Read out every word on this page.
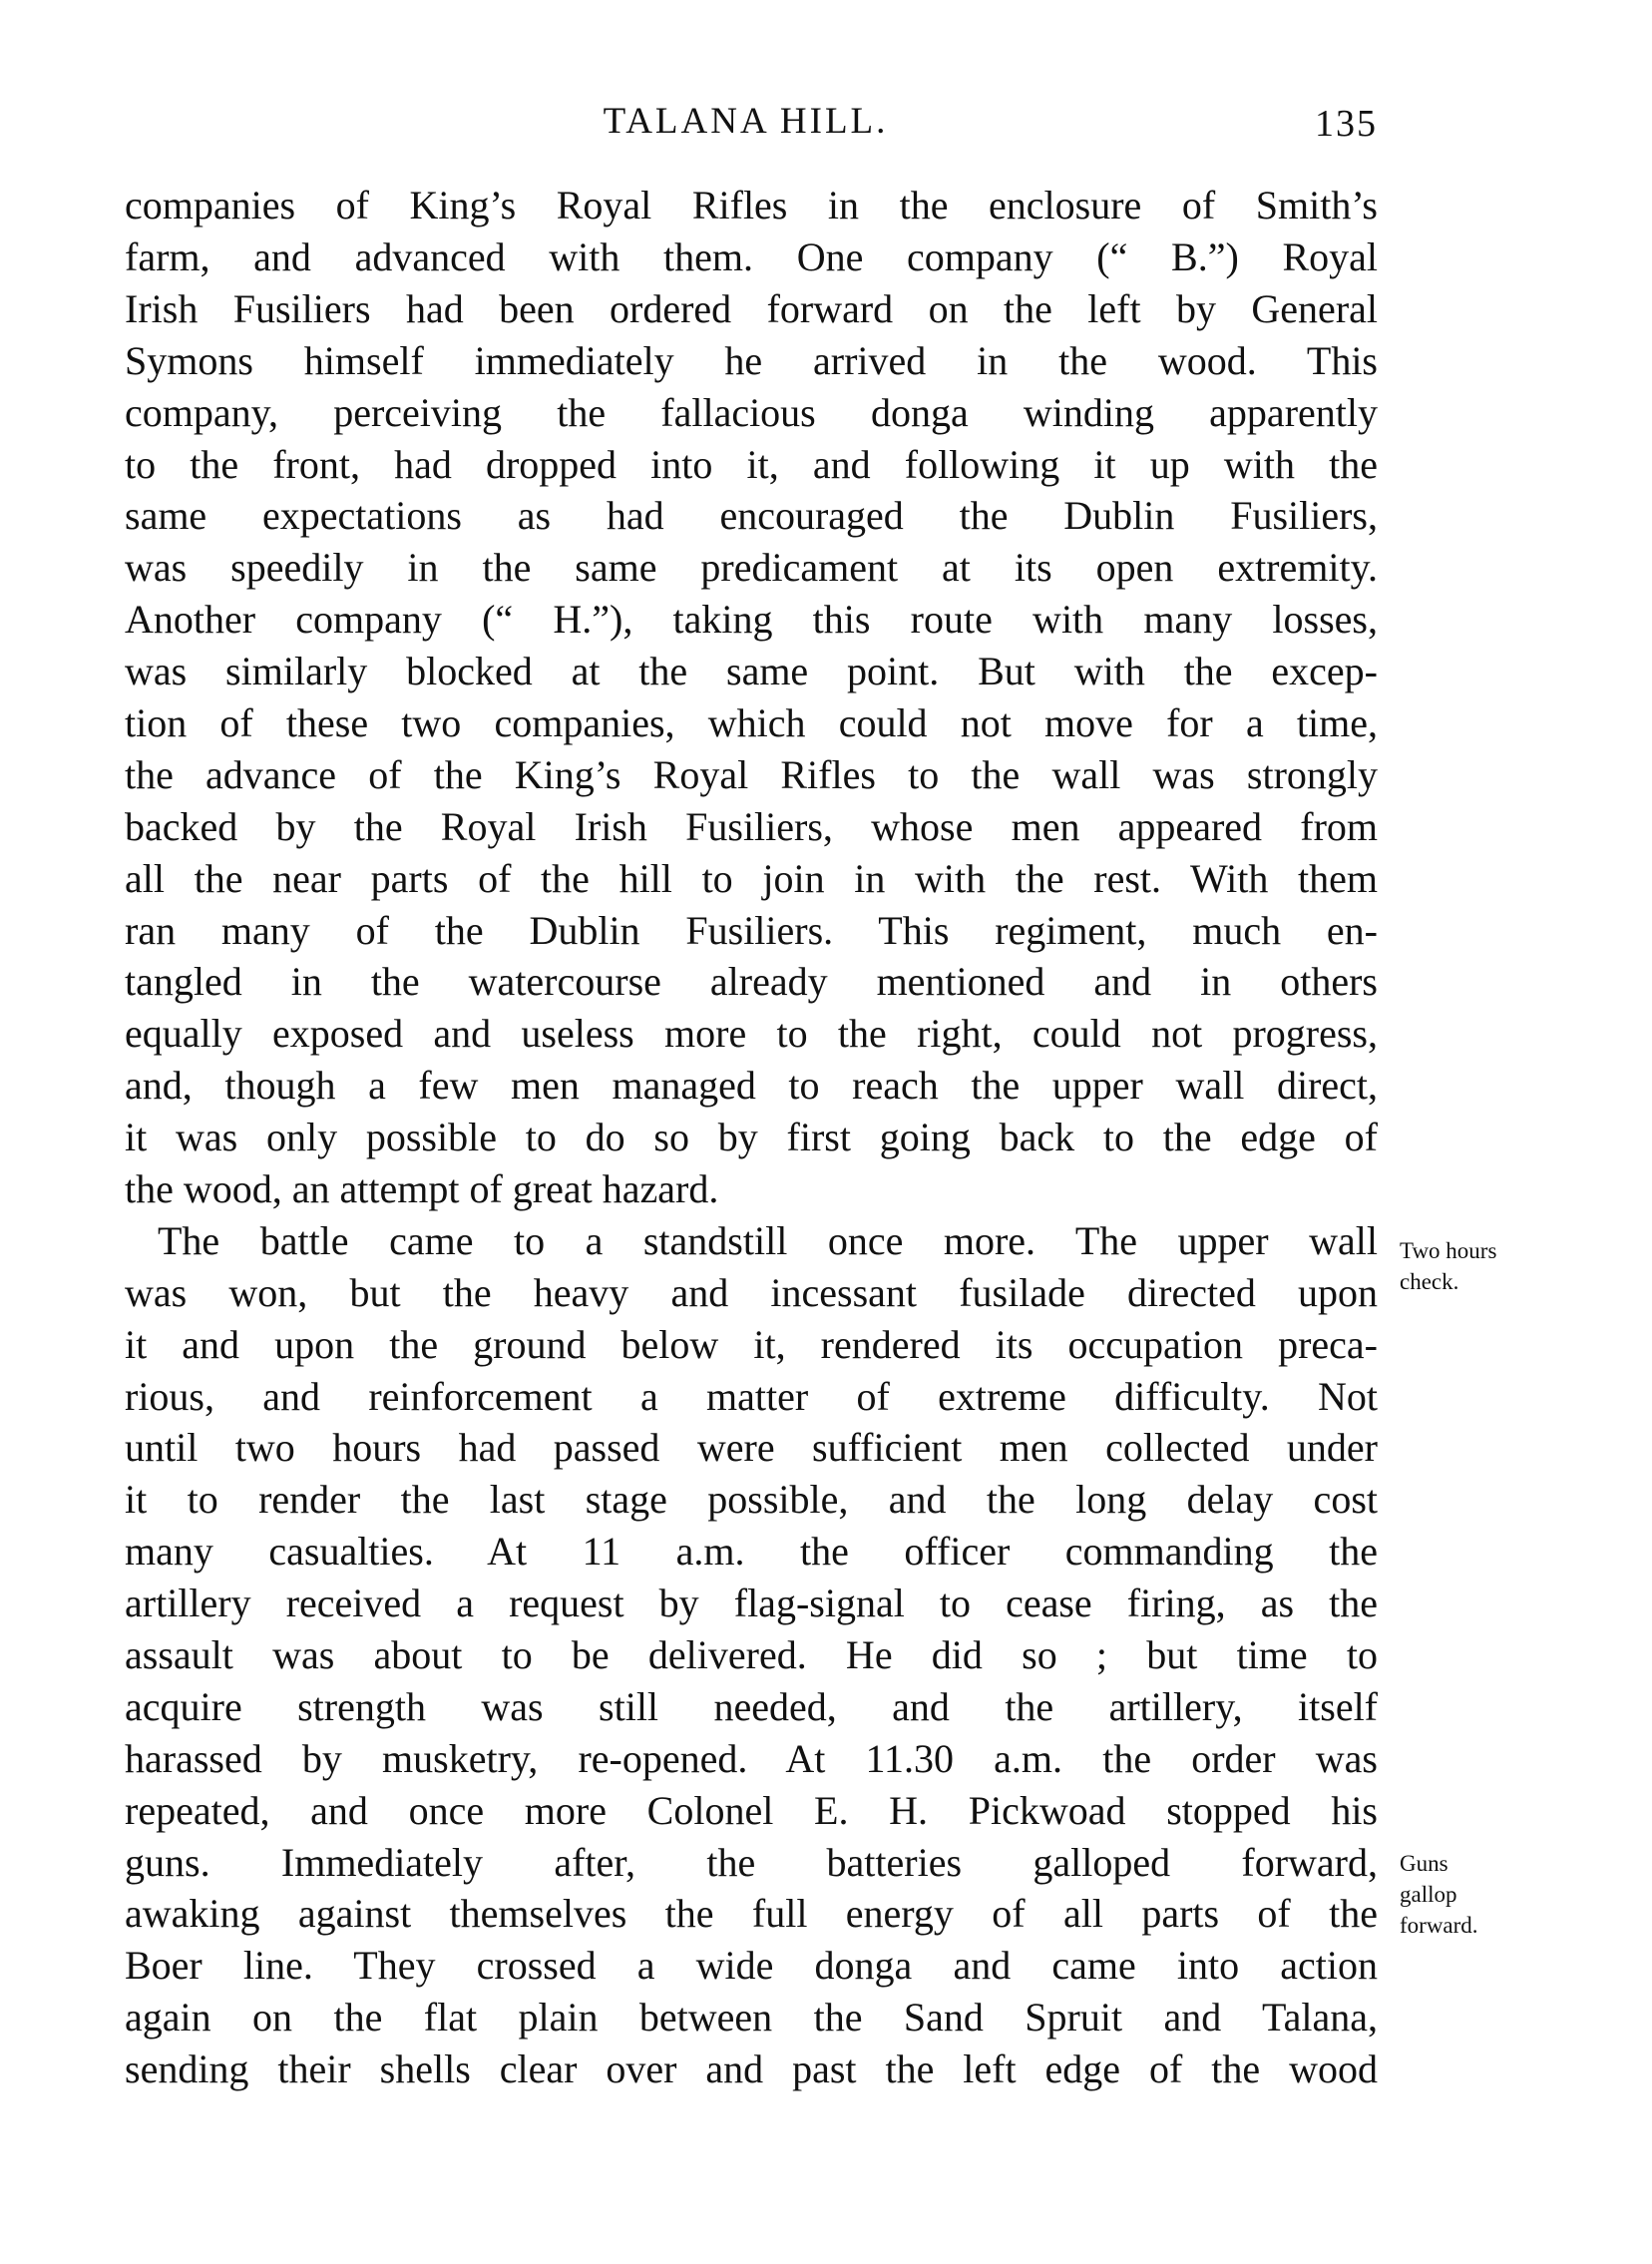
TALANA HILL.	135
companies of King’s Royal Rifles in the enclosure of Smith’s
farm, and advanced with them. One company (“ B.”) Royal
Irish Fusiliers had been ordered forward on the left by General
Symons himself immediately he arrived in the wood. This
company, perceiving the fallacious donga winding apparently
to the front, had dropped into it, and following it up with the
same expectations as had encouraged the Dublin Fusiliers,
was speedily in the same predicament at its open extremity.
Another company (“ H.”), taking this route with many losses,
was similarly blocked at the same point. But with the excep-
tion of these two companies, which could not move for a time,
the advance of the King’s Royal Rifles to the wall was strongly
backed by the Royal Irish Fusiliers, whose men appeared from
all the near parts of the hill to join in with the rest. With them
ran many of the Dublin Fusiliers. This regiment, much en-
tangled in the watercourse already mentioned and in others
equally exposed and useless more to the right, could not progress,
and, though a few men managed to reach the upper wall direct,
it was only possible to do so by first going back to the edge of
the wood, an attempt of great hazard.
The battle came to a standstill once more. The upper wall
was won, but the heavy and incessant fusilade directed upon
it and upon the ground below it, rendered its occupation preca-
rious, and reinforcement a matter of extreme difficulty. Not
until two hours had passed were sufficient men collected under
it to render the last stage possible, and the long delay cost
many casualties. At 11 a.m. the officer commanding the
artillery received a request by flag-signal to cease firing, as the
assault was about to be delivered. He did so ; but time to
acquire strength was still needed, and the artillery, itself
harassed by musketry, re-opened. At 11.30 a.m. the order was
repeated, and once more Colonel E. H. Pickwoad stopped his
guns. Immediately after, the batteries galloped forward,
awaking against themselves the full energy of all parts of the
Boer line. They crossed a wide donga and came into action
again on the flat plain between the Sand Spruit and Talana,
sending their shells clear over and past the left edge of the wood
Two hours
check.
Guns
gallop
forward.
